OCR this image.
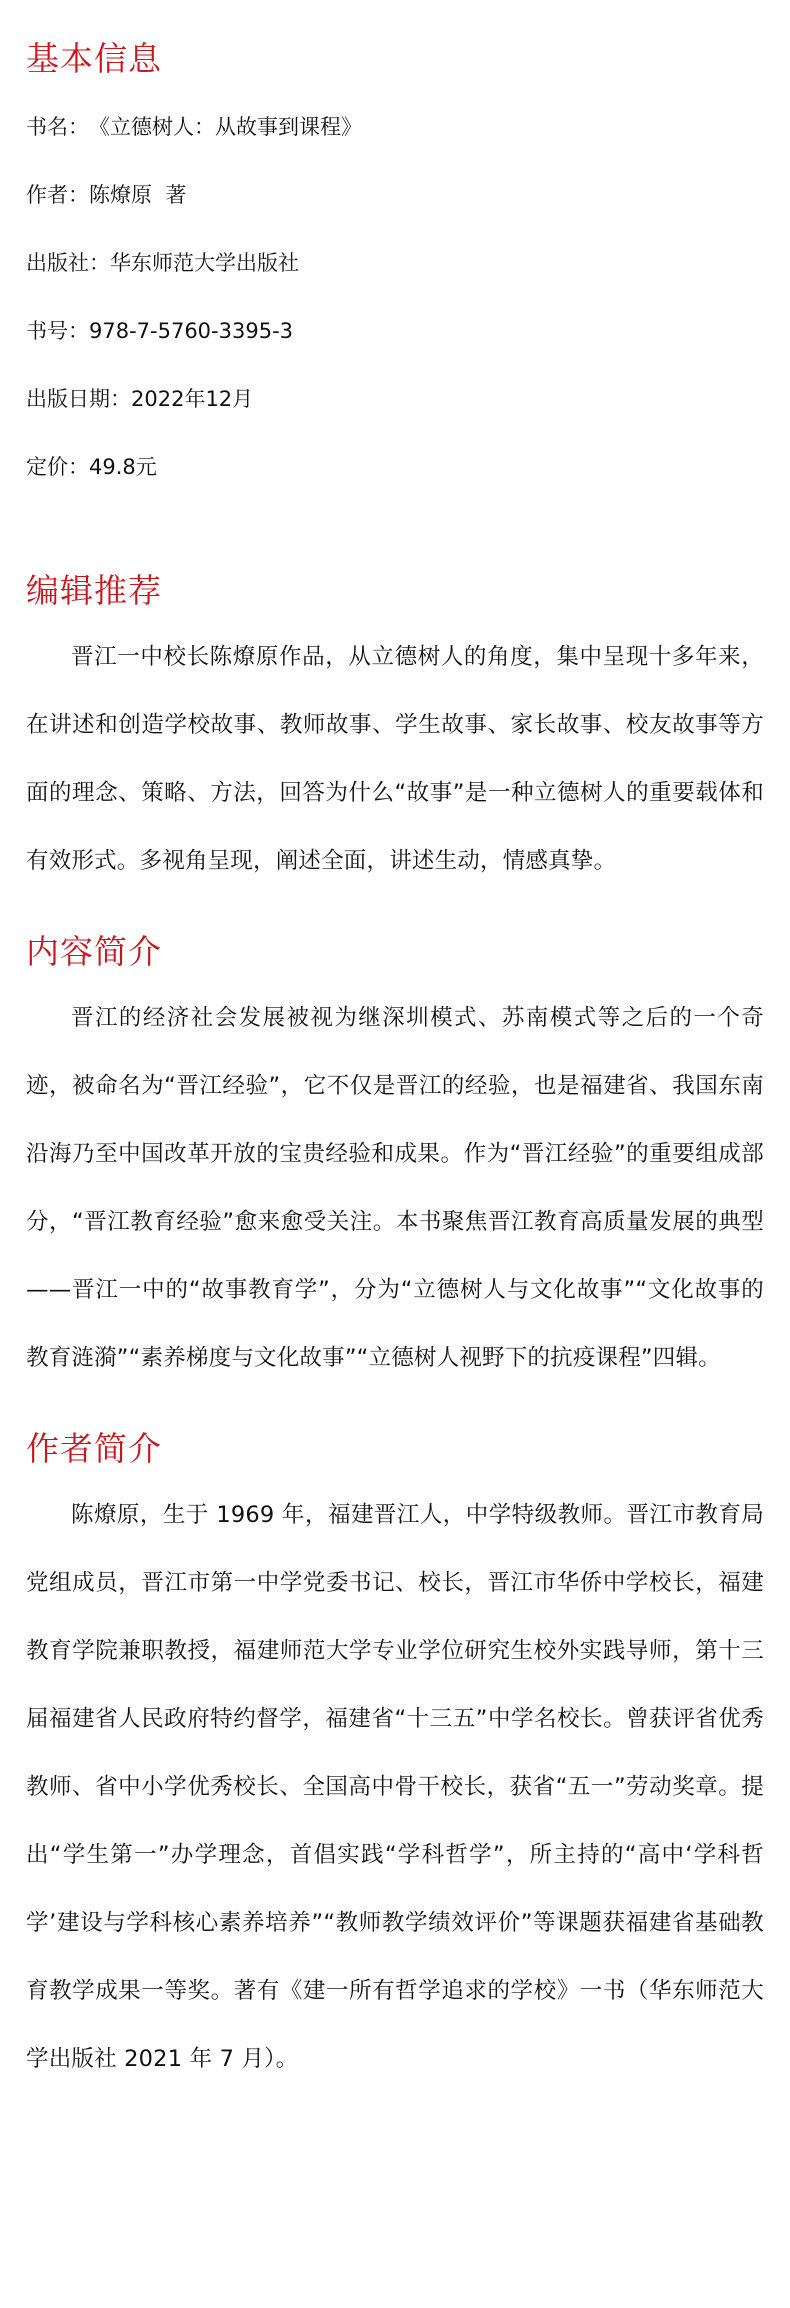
基本信息
书名： 《立德树人：从故事到课程》
作者： 陈燎原  著
出版社： 华东师范大学出版社
书号： 978-7-5760-3395-3
出版日期： 2022年12月
定价： 49.8元
编辑推荐

晋江一中校长陈燎原作品，从立德树人的角度，集中呈现十多年来，在讲述和创造学校故事、教师故事、学生故事、家长故事、校友故事等方面的理念、策略、方法，回答为什么“故事”是一种立德树人的重要载体和有效形式。多视角呈现，阐述全面，讲述生动，情感真挚。

内容简介

晋江的经济社会发展被视为继深圳模式、苏南模式等之后的一个奇迹，被命名为“晋江经验”，它不仅是晋江的经验，也是福建省、我国东南沿海乃至中国改革开放的宝贵经验和成果。作为“晋江经验”的重要组成部分，“晋江教育经验”愈来愈受关注。本书聚焦晋江教育高质量发展的典型——晋江一中的“故事教育学”，分为“立德树人与文化故事”“文化故事的教育涟漪”“素养梯度与文化故事”“立德树人视野下的抗疫课程”四辑。

作者简介

陈燎原，生于 1969 年，福建晋江人，中学特级教师。晋江市教育局党组成员，晋江市第一中学党委书记、校长，晋江市华侨中学校长，福建教育学院兼职教授，福建师范大学专业学位研究生校外实践导师，第十三届福建省人民政府特约督学，福建省“十三五”中学名校长。曾获评省优秀教师、省中小学优秀校长、全国高中骨干校长，获省“五一”劳动奖章。提出“学生第一”办学理念，首倡实践“学科哲学”，所主持的“高中‘学科哲学’建设与学科核心素养培养”“教师教学绩效评价”等课题获福建省基础教育教学成果一等奖。著有《建一所有哲学追求的学校》一书（华东师范大学出版社 2021 年 7 月）。
